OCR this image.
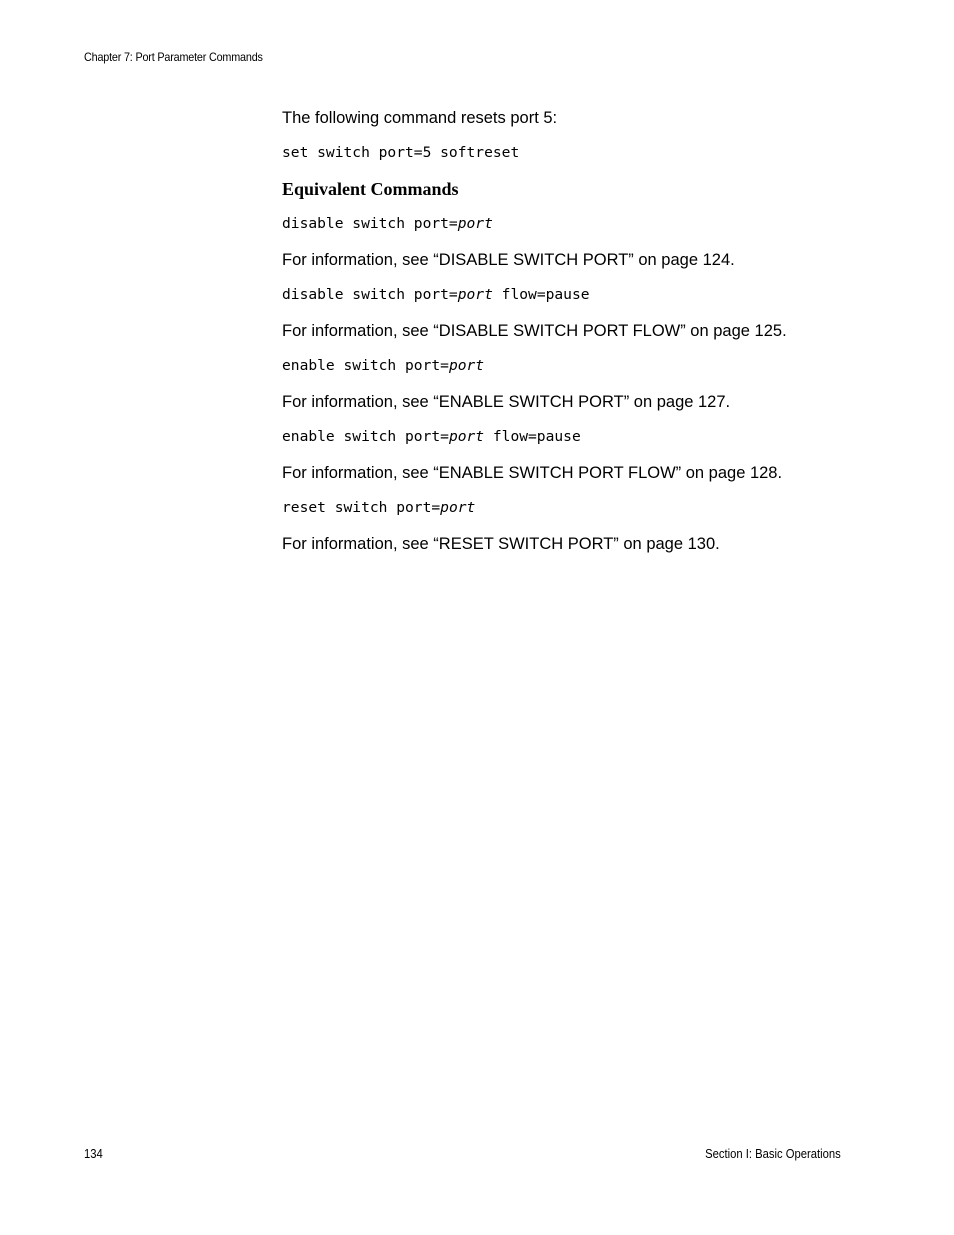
Chapter 7: Port Parameter Commands

The following command resets port 5:

set switch port=5 softreset

Equivalent Commands

disable switch port=port

For information, see “DISABLE SWITCH PORT” on page 124.

disable switch port=port flow=pause

For information, see “DISABLE SWITCH PORT FLOW” on page 125.

enable switch port=port

For information, see “ENABLE SWITCH PORT” on page 127.

enable switch port=port flow=pause

For information, see “ENABLE SWITCH PORT FLOW” on page 128.

reset switch port=port

For information, see “RESET SWITCH PORT” on page 130.

134	Section I: Basic Operations
